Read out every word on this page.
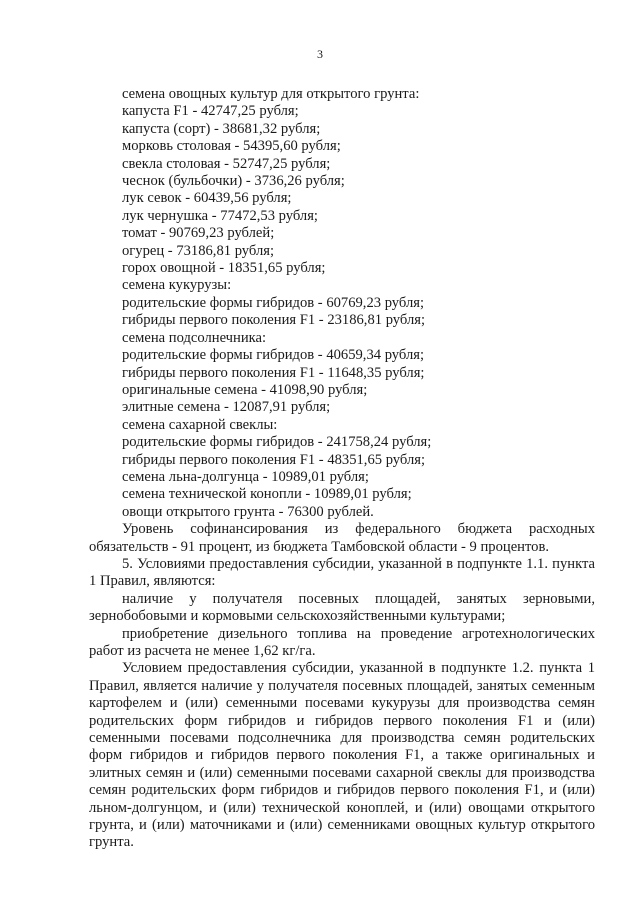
3
семена овощных культур для открытого грунта:
капуста F1 - 42747,25 рубля;
капуста (сорт) - 38681,32 рубля;
морковь столовая - 54395,60 рубля;
свекла столовая - 52747,25 рубля;
чеснок (бульбочки) - 3736,26 рубля;
лук севок - 60439,56 рубля;
лук чернушка - 77472,53 рубля;
томат - 90769,23 рублей;
огурец - 73186,81 рубля;
горох овощной - 18351,65 рубля;
семена кукурузы:
родительские формы гибридов - 60769,23 рубля;
гибриды первого поколения F1 - 23186,81 рубля;
семена подсолнечника:
родительские формы гибридов - 40659,34 рубля;
гибриды первого поколения F1 - 11648,35 рубля;
оригинальные семена - 41098,90 рубля;
элитные семена - 12087,91 рубля;
семена сахарной свеклы:
родительские формы гибридов - 241758,24 рубля;
гибриды первого поколения F1 - 48351,65 рубля;
семена льна-долгунца - 10989,01 рубля;
семена технической конопли - 10989,01 рубля;
овощи открытого грунта - 76300 рублей.

Уровень софинансирования из федерального бюджета расходных обязательств - 91 процент, из бюджета Тамбовской области - 9 процентов.

5. Условиями предоставления субсидии, указанной в подпункте 1.1. пункта 1 Правил, являются:

наличие у получателя посевных площадей, занятых зерновыми, зернобобовыми и кормовыми сельскохозяйственными культурами;

приобретение дизельного топлива на проведение агротехнологических работ из расчета не менее 1,62 кг/га.

Условием предоставления субсидии, указанной в подпункте 1.2. пункта 1 Правил, является наличие у получателя посевных площадей, занятых семенным картофелем и (или) семенными посевами кукурузы для производства семян родительских форм гибридов и гибридов первого поколения F1 и (или) семенными посевами подсолнечника для производства семян родительских форм гибридов и гибридов первого поколения F1, а также оригинальных и элитных семян и (или) семенными посевами сахарной свеклы для производства семян родительских форм гибридов и гибридов первого поколения F1, и (или) льном-долгунцом, и (или) технической коноплей, и (или) овощами открытого грунта, и (или) маточниками и (или) семенниками овощных культур открытого грунта.
